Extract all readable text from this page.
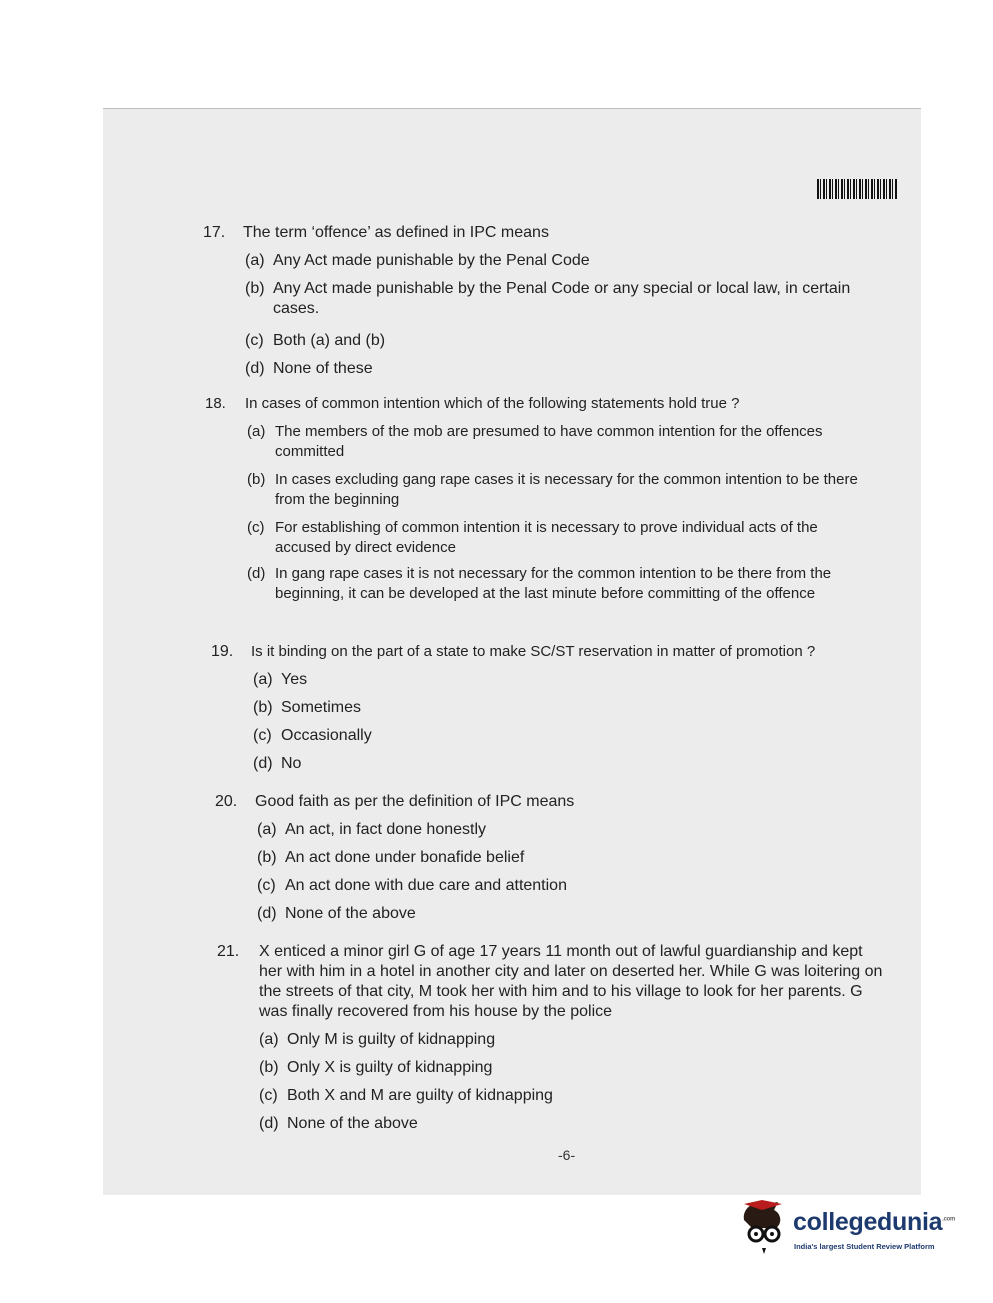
17. The term ‘offence’ as defined in IPC means
(a) Any Act made punishable by the Penal Code
(b) Any Act made punishable by the Penal Code or any special or local law, in certain cases.
(c) Both (a) and (b)
(d) None of these
18. In cases of common intention which of the following statements hold true ?
(a) The members of the mob are presumed to have common intention for the offences committed
(b) In cases excluding gang rape cases it is necessary for the common intention to be there from the beginning
(c) For establishing of common intention it is necessary to prove individual acts of the accused by direct evidence
(d) In gang rape cases it is not necessary for the common intention to be there from the beginning, it can be developed at the last minute before committing of the offence
19. Is it binding on the part of a state to make SC/ST reservation in matter of promotion ?
(a) Yes
(b) Sometimes
(c) Occasionally
(d) No
20. Good faith as per the definition of IPC means
(a) An act, in fact done honestly
(b) An act done under bonafide belief
(c) An act done with due care and attention
(d) None of the above
21. X enticed a minor girl G of age 17 years 11 month out of lawful guardianship and kept her with him in a hotel in another city and later on deserted her. While G was loitering on the streets of that city, M took her with him and to his village to look for her parents. G was finally recovered from his house by the police
(a) Only M is guilty of kidnapping
(b) Only X is guilty of kidnapping
(c) Both X and M are guilty of kidnapping
(d) None of the above
-6-
collegedunia$^{.com}$
India's largest Student Review Platform
